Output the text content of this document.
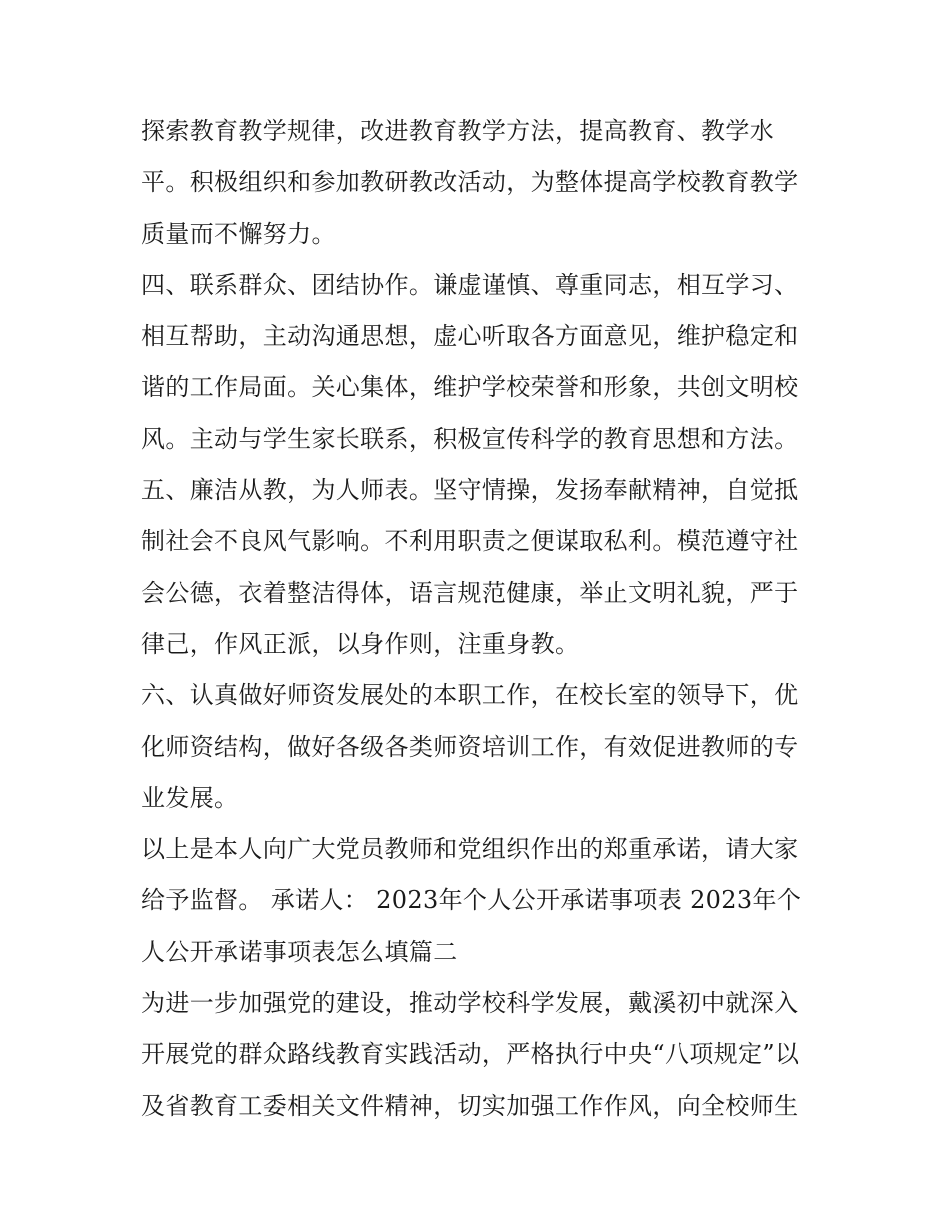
探索教育教学规律，改进教育教学方法，提高教育、教学水
平。积极组织和参加教研教改活动，为整体提高学校教育教学
质量而不懈努力。
四、联系群众、团结协作。谦虚谨慎、尊重同志，相互学习、
相互帮助，主动沟通思想，虚心听取各方面意见，维护稳定和
谐的工作局面。关心集体，维护学校荣誉和形象，共创文明校
风。主动与学生家长联系，积极宣传科学的教育思想和方法。
五、廉洁从教，为人师表。坚守情操，发扬奉献精神，自觉抵
制社会不良风气影响。不利用职责之便谋取私利。模范遵守社
会公德，衣着整洁得体，语言规范健康，举止文明礼貌，严于
律己，作风正派，以身作则，注重身教。
六、认真做好师资发展处的本职工作，在校长室的领导下，优
化师资结构，做好各级各类师资培训工作，有效促进教师的专
业发展。
以上是本人向广大党员教师和党组织作出的郑重承诺，请大家
给予监督。 承诺人： 2023年个人公开承诺事项表 2023年个
人公开承诺事项表怎么填篇二
为进一步加强党的建设，推动学校科学发展，戴溪初中就深入
开展党的群众路线教育实践活动，严格执行中央“八项规定”以
及省教育工委相关文件精神，切实加强工作作风，向全校师生
